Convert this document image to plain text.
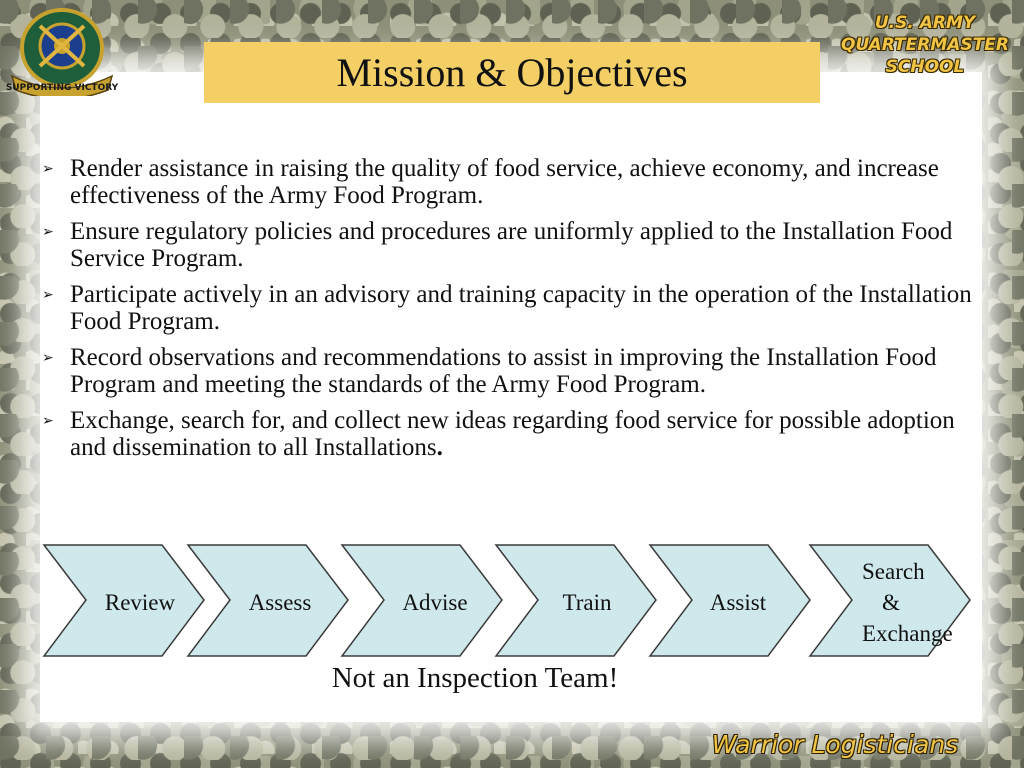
SUPPORTING VICTORY	Mission & Objectives
U.S. ARMY
QUARTERMASTER
SCHOOL
➢ Render assistance in raising the quality of food service, achieve economy, and increase effectiveness of the Army Food Program.
➢ Ensure regulatory policies and procedures are uniformly applied to the Installation Food Service Program.
➢ Participate actively in an advisory and training capacity in the operation of the Installation Food Program.
➢ Record observations and recommendations to assist in improving the Installation Food Program and meeting the standards of the Army Food Program.
➢ Exchange, search for, and collect new ideas regarding food service for possible adoption and dissemination to all Installations.
Review	Assess	Advise	Train	Assist
Search
&
Exchange
Not an Inspection Team!
Warrior Logisticians
